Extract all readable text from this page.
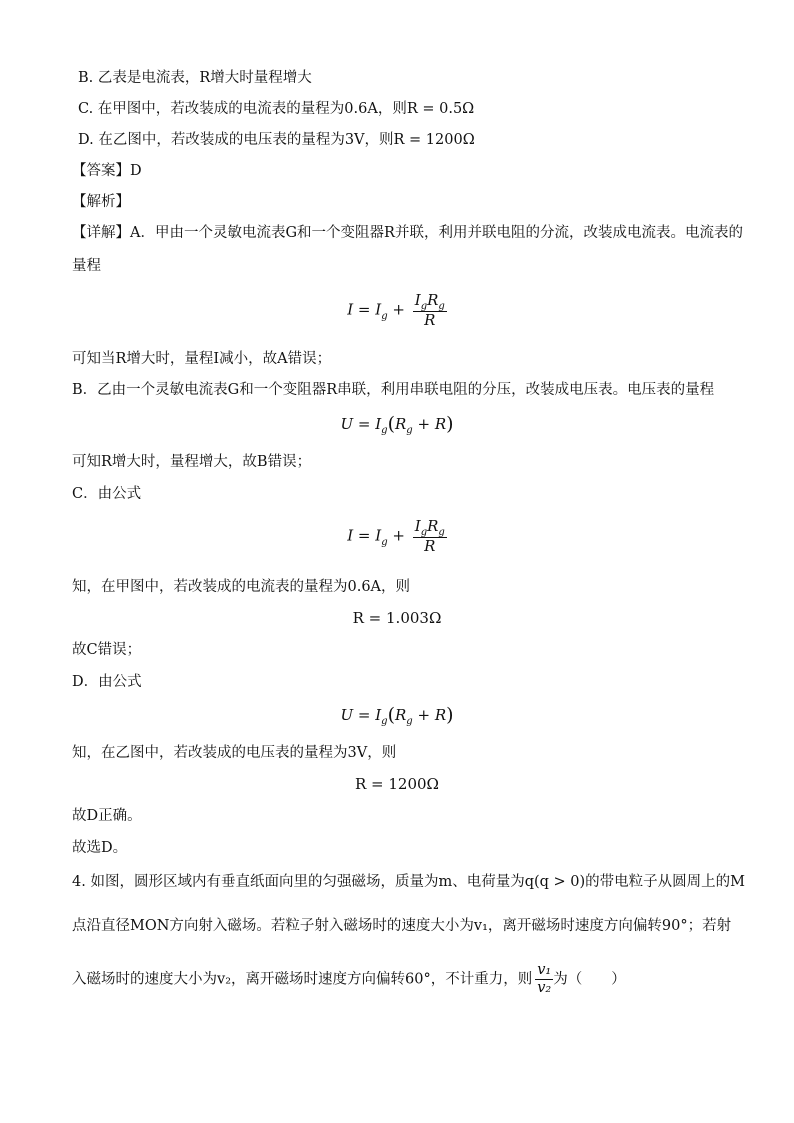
B. 乙表是电流表，R增大时量程增大
C. 在甲图中，若改装成的电流表的量程为0.6A，则R = 0.5Ω
D. 在乙图中，若改装成的电压表的量程为3V，则R = 1200Ω
【答案】D
【解析】
【详解】A．甲由一个灵敏电流表G和一个变阻器R并联，利用并联电阻的分流，改装成电流表。电流表的
量程
$I = I_g + \frac{I_gR_g}{R}$
可知当R增大时，量程I减小，故A错误；
B．乙由一个灵敏电流表G和一个变阻器R串联，利用串联电阻的分压，改装成电压表。电压表的量程
$U = I_g(R_g + R)$
可知R增大时，量程增大，故B错误；
C．由公式
$I = I_g + \frac{I_gR_g}{R}$
知，在甲图中，若改装成的电流表的量程为0.6A，则
R = 1.003Ω
故C错误；
D．由公式
$U = I_g(R_g + R)$
知，在乙图中，若改装成的电压表的量程为3V，则
R = 1200Ω
故D正确。
故选D。
4. 如图，圆形区域内有垂直纸面向里的匀强磁场，质量为m、电荷量为q(q > 0)的带电粒子从圆周上的M
点沿直径MON方向射入磁场。若粒子射入磁场时的速度大小为v₁，离开磁场时速度方向偏转90°；若射
入磁场时的速度大小为v₂，离开磁场时速度方向偏转60°，不计重力，则 $\frac{\text{v₁}}{\text{v₂}}$ 为（　　）
